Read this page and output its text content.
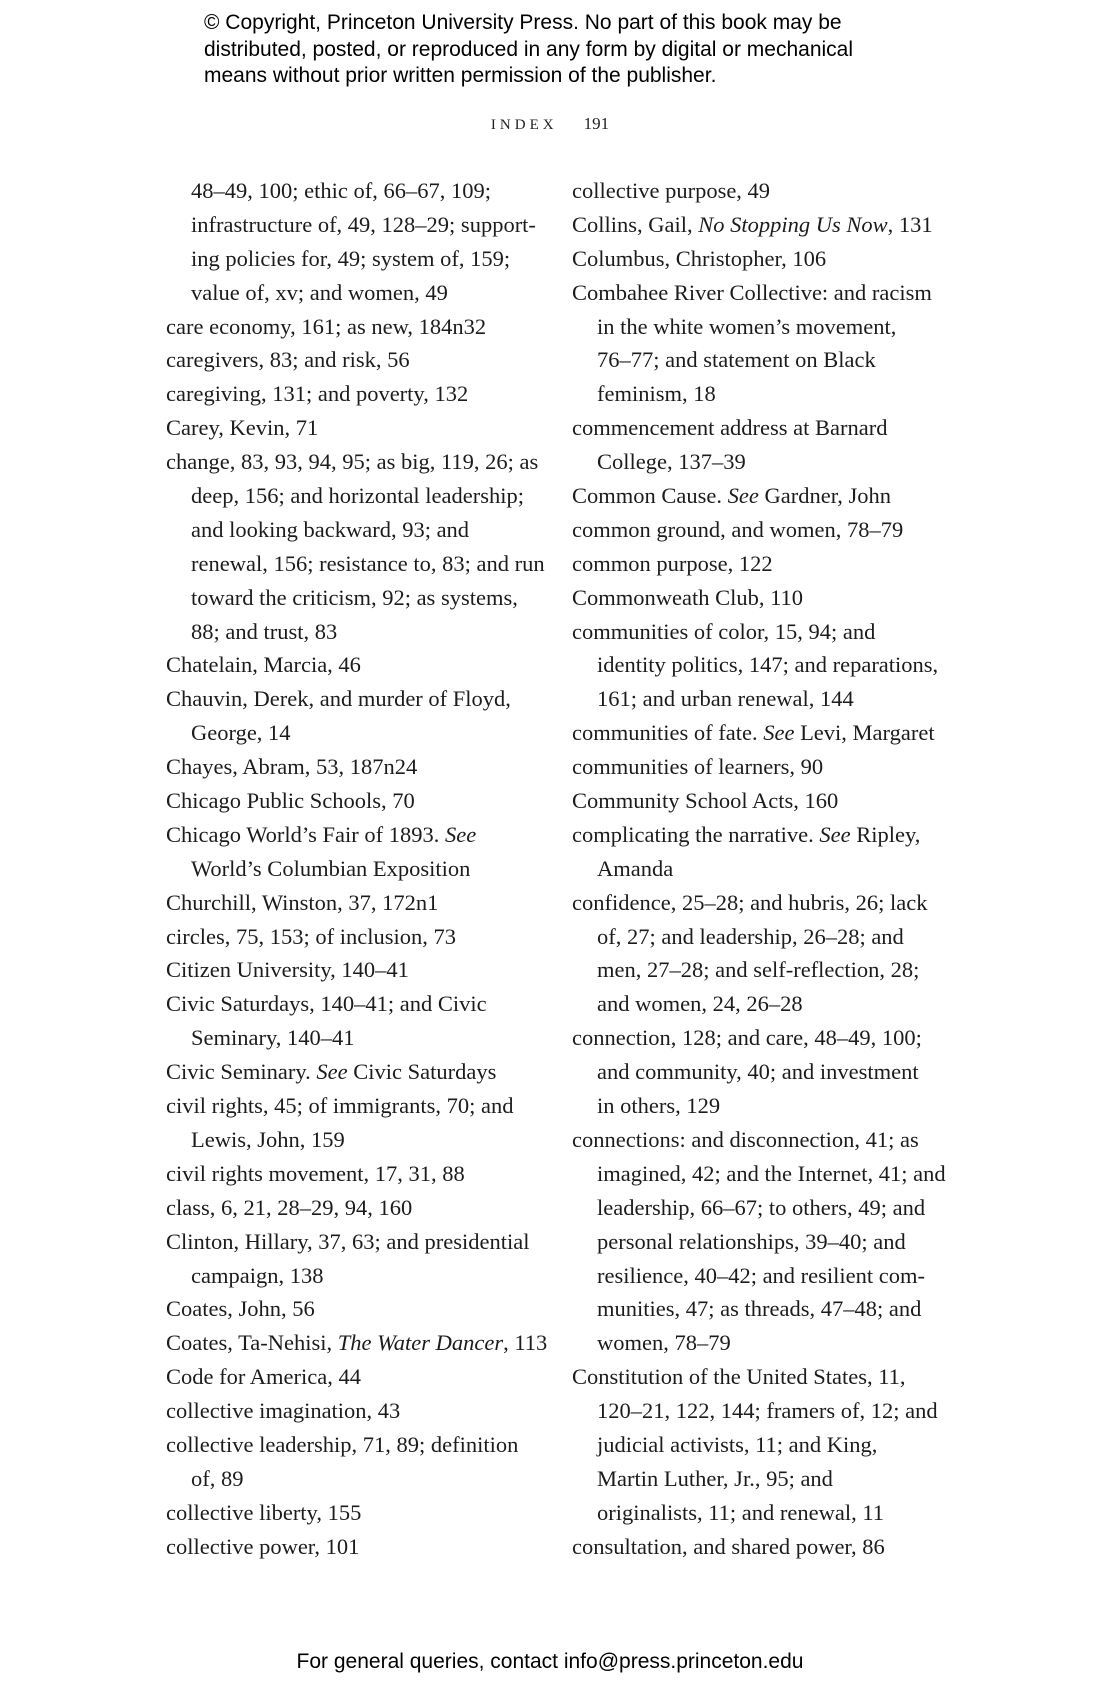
© Copyright, Princeton University Press. No part of this book may be
distributed, posted, or reproduced in any form by digital or mechanical
means without prior written permission of the publisher.
INDEX 191
48–49, 100; ethic of, 66–67, 109;
infrastructure of, 49, 128–29; support-
ing policies for, 49; system of, 159;
value of, xv; and women, 49
care economy, 161; as new, 184n32
caregivers, 83; and risk, 56
caregiving, 131; and poverty, 132
Carey, Kevin, 71
change, 83, 93, 94, 95; as big, 119, 26; as
deep, 156; and horizontal leadership;
and looking backward, 93; and
renewal, 156; resistance to, 83; and run
toward the criticism, 92; as systems,
88; and trust, 83
Chatelain, Marcia, 46
Chauvin, Derek, and murder of Floyd,
George, 14
Chayes, Abram, 53, 187n24
Chicago Public Schools, 70
Chicago World’s Fair of 1893. See
World’s Columbian Exposition
Churchill, Winston, 37, 172n1
circles, 75, 153; of inclusion, 73
Citizen University, 140–41
Civic Saturdays, 140–41; and Civic
Seminary, 140–41
Civic Seminary. See Civic Saturdays
civil rights, 45; of immigrants, 70; and
Lewis, John, 159
civil rights movement, 17, 31, 88
class, 6, 21, 28–29, 94, 160
Clinton, Hillary, 37, 63; and presidential
campaign, 138
Coates, John, 56
Coates, Ta-Nehisi, The Water Dancer, 113
Code for America, 44
collective imagination, 43
collective leadership, 71, 89; definition
of, 89
collective liberty, 155
collective power, 101
collective purpose, 49
Collins, Gail, No Stopping Us Now, 131
Columbus, Christopher, 106
Combahee River Collective: and racism
in the white women’s movement,
76–77; and statement on Black
feminism, 18
commencement address at Barnard
College, 137–39
Common Cause. See Gardner, John
common ground, and women, 78–79
common purpose, 122
Commonweath Club, 110
communities of color, 15, 94; and
identity politics, 147; and reparations,
161; and urban renewal, 144
communities of fate. See Levi, Margaret
communities of learners, 90
Community School Acts, 160
complicating the narrative. See Ripley,
Amanda
confidence, 25–28; and hubris, 26; lack
of, 27; and leadership, 26–28; and
men, 27–28; and self-reflection, 28;
and women, 24, 26–28
connection, 128; and care, 48–49, 100;
and community, 40; and investment
in others, 129
connections: and disconnection, 41; as
imagined, 42; and the Internet, 41; and
leadership, 66–67; to others, 49; and
personal relationships, 39–40; and
resilience, 40–42; and resilient com-
munities, 47; as threads, 47–48; and
women, 78–79
Constitution of the United States, 11,
120–21, 122, 144; framers of, 12; and
judicial activists, 11; and King,
Martin Luther, Jr., 95; and
originalists, 11; and renewal, 11
consultation, and shared power, 86
For general queries, contact info@press.princeton.edu
